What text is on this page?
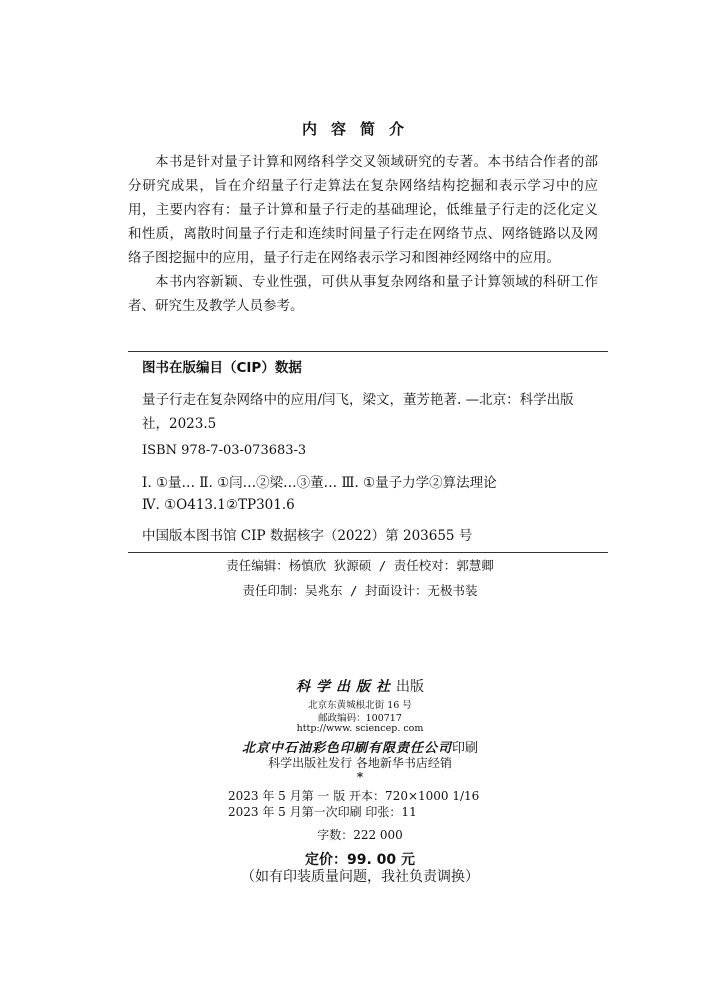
内容简介

本书是针对量子计算和网络科学交叉领域研究的专著。本书结合作者的部分研究成果，旨在介绍量子行走算法在复杂网络结构挖掘和表示学习中的应用，主要内容有：量子计算和量子行走的基础理论，低维量子行走的泛化定义和性质，离散时间量子行走和连续时间量子行走在网络节点、网络链路以及网络子图挖掘中的应用，量子行走在网络表示学习和图神经网络中的应用。

本书内容新颖、专业性强，可供从事复杂网络和量子计算领域的科研工作者、研究生及教学人员参考。

图书在版编目（CIP）数据
量子行走在复杂网络中的应用/闫飞，梁文，董芳艳著. —北京：科学出版社，2023.5
ISBN 978-7-03-073683-3
Ⅰ. ①量… Ⅱ. ①闫…②梁…③董… Ⅲ. ①量子力学②算法理论
Ⅳ. ①O413.1②TP301.6
中国版本图书馆 CIP 数据核字（2022）第 203655 号
责任编辑：杨慎欣 狄源硕 / 责任校对：郭慧卿
责任印制：吴兆东 / 封面设计：无极书装
科学出版社出版
北京东黄城根北街 16 号
邮政编码：100717
http://www. sciencep. com
北京中石油彩色印刷有限责任公司印刷
科学出版社发行 各地新华书店经销
*
2023 年 5 月第 一 版 开本：720×1000 1/16
2023 年 5 月第一次印刷 印张：11
字数：222 000
定价：99. 00 元
（如有印装质量问题，我社负责调换）
